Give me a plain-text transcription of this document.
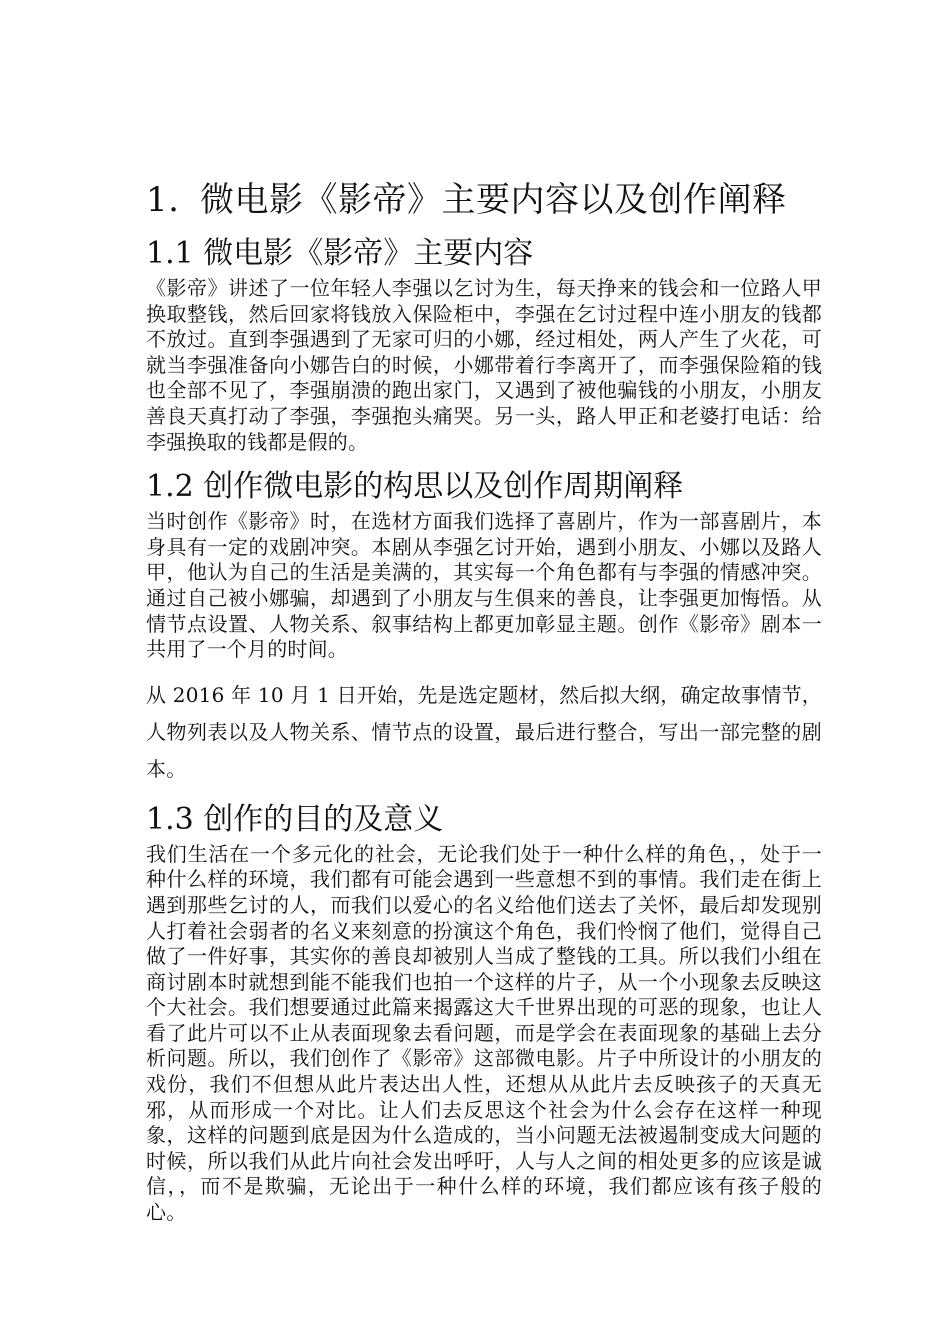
1. 微电影《影帝》主要内容以及创作阐释
1.1 微电影《影帝》主要内容

《影帝》讲述了一位年轻人李强以乞讨为生，每天挣来的钱会和一位路人甲换取整钱，然后回家将钱放入保险柜中，李强在乞讨过程中连小朋友的钱都不放过。直到李强遇到了无家可归的小娜，经过相处，两人产生了火花，可就当李强准备向小娜告白的时候，小娜带着行李离开了，而李强保险箱的钱也全部不见了，李强崩溃的跑出家门，又遇到了被他骗钱的小朋友，小朋友善良天真打动了李强，李强抱头痛哭。另一头，路人甲正和老婆打电话：给李强换取的钱都是假的。

1.2 创作微电影的构思以及创作周期阐释

当时创作《影帝》时，在选材方面我们选择了喜剧片，作为一部喜剧片，本身具有一定的戏剧冲突。本剧从李强乞讨开始，遇到小朋友、小娜以及路人甲，他认为自己的生活是美满的，其实每一个角色都有与李强的情感冲突。通过自己被小娜骗，却遇到了小朋友与生俱来的善良，让李强更加悔悟。从情节点设置、人物关系、叙事结构上都更加彰显主题。创作《影帝》剧本一共用了一个月的时间。

从 2016 年 10 月 1 日开始，先是选定题材，然后拟大纲，确定故事情节，人物列表以及人物关系、情节点的设置，最后进行整合，写出一部完整的剧本。

1.3 创作的目的及意义

我们生活在一个多元化的社会，无论我们处于一种什么样的角色，，处于一种什么样的环境，我们都有可能会遇到一些意想不到的事情。我们走在街上遇到那些乞讨的人，而我们以爱心的名义给他们送去了关怀，最后却发现别人打着社会弱者的名义来刻意的扮演这个角色，我们怜悯了他们，觉得自己做了一件好事，其实你的善良却被别人当成了整钱的工具。所以我们小组在商讨剧本时就想到能不能我们也拍一个这样的片子，从一个小现象去反映这个大社会。我们想要通过此篇来揭露这大千世界出现的可恶的现象，也让人看了此片可以不止从表面现象去看问题，而是学会在表面现象的基础上去分析问题。所以，我们创作了《影帝》这部微电影。片子中所设计的小朋友的戏份，我们不但想从此片表达出人性，还想从从此片去反映孩子的天真无邪，从而形成一个对比。让人们去反思这个社会为什么会存在这样一种现象，这样的问题到底是因为什么造成的，当小问题无法被遏制变成大问题的时候，所以我们从此片向社会发出呼吁，人与人之间的相处更多的应该是诚信，，而不是欺骗，无论出于一种什么样的环境，我们都应该有孩子般的心。
